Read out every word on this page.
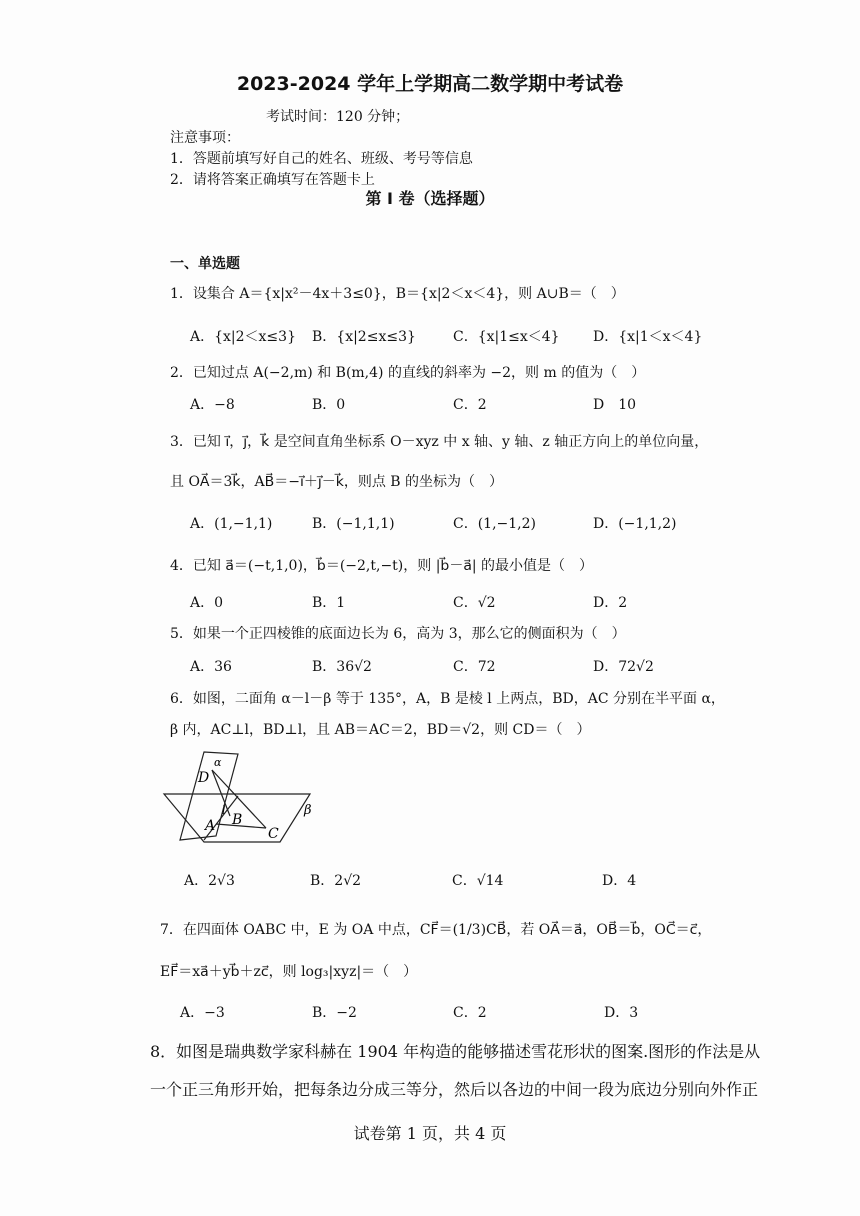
2023-2024 学年上学期高二数学期中考试卷
考试时间：120 分钟；
注意事项：
1．答题前填写好自己的姓名、班级、考号等信息
2．请将答案正确填写在答题卡上
第 I 卷（选择题）
一、单选题
1．设集合 A＝{x|x²－4x＋3≤0}，B＝{x|2＜x＜4}，则 A∪B＝（　）
A．{x|2＜x≤3} B．{x|2≤x≤3}	C．{x|1≤x＜4} D．{x|1＜x＜4}
2．已知过点 A(−2,m) 和 B(m,4) 的直线的斜率为 −2，则 m 的值为（　）
A．−8	B．0	C．2	D　10
3．已知 i⃗，j⃗，k⃗ 是空间直角坐标系 O－xyz 中 x 轴、y 轴、z 轴正方向上的单位向量，
且 OA⃗＝3k⃗，AB⃗＝−i⃗＋j⃗－k⃗，则点 B 的坐标为（　）
A．(1,−1,1)	B．(−1,1,1)	C．(1,−1,2)	D．(−1,1,2)
4．已知 a⃗＝(−t,1,0)，b⃗＝(−2,t,−t)，则 |b⃗－a⃗| 的最小值是（　）
A．0	B．1	C．√2	D．2
5．如果一个正四棱锥的底面边长为 6，高为 3，那么它的侧面积为（　）
A．36	B．36√2	C．72	D．72√2
6．如图，二面角 α－l－β 等于 135°，A，B 是棱 l 上两点，BD，AC 分别在半平面 α，
β 内，AC⊥l，BD⊥l，且 AB＝AC＝2，BD＝√2，则 CD＝（　）
α
β
D
A B
C
l
A．2√3	B．2√2	C．√14	D．4
7．在四面体 OABC 中，E 为 OA 中点，CF⃗＝(1/3)CB⃗，若 OA⃗＝a⃗，OB⃗＝b⃗，OC⃗＝c⃗，
EF⃗＝xa⃗＋yb⃗＋zc⃗，则 log₃|xyz|＝（　）
A．−3	B．−2	C．2	D．3
8．如图是瑞典数学家科赫在 1904 年构造的能够描述雪花形状的图案.图形的作法是从
一个正三角形开始，把每条边分成三等分，然后以各边的中间一段为底边分别向外作正
试卷第 1 页，共 4 页
